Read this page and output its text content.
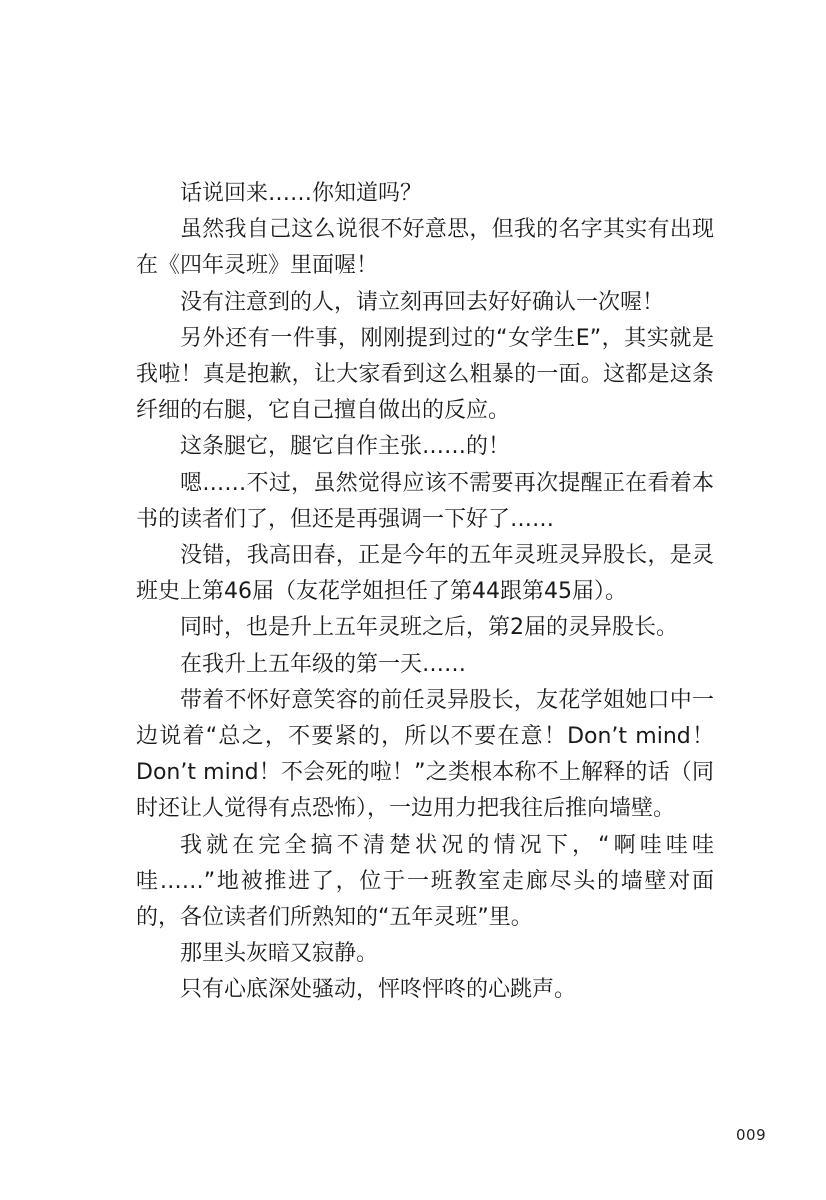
话说回来……你知道吗？

虽然我自己这么说很不好意思，但我的名字其实有出现在《四年灵班》里面喔！

没有注意到的人，请立刻再回去好好确认一次喔！

另外还有一件事，刚刚提到过的“女学生E”，其实就是我啦！真是抱歉，让大家看到这么粗暴的一面。这都是这条纤细的右腿，它自己擅自做出的反应。

这条腿它，腿它自作主张……的！

嗯……不过，虽然觉得应该不需要再次提醒正在看着本书的读者们了，但还是再强调一下好了……

没错，我高田春，正是今年的五年灵班灵异股长，是灵班史上第46届（友花学姐担任了第44跟第45届）。

同时，也是升上五年灵班之后，第2届的灵异股长。

在我升上五年级的第一天……

带着不怀好意笑容的前任灵异股长，友花学姐她口中一边说着“总之，不要紧的，所以不要在意！Don’t mind！Don’t mind！不会死的啦！”之类根本称不上解释的话（同时还让人觉得有点恐怖），一边用力把我往后推向墙壁。

我就在完全搞不清楚状况的情况下，“啊哇哇哇哇……”地被推进了，位于一班教室走廊尽头的墙壁对面的，各位读者们所熟知的“五年灵班”里。

那里头灰暗又寂静。

只有心底深处骚动，怦咚怦咚的心跳声。

009
